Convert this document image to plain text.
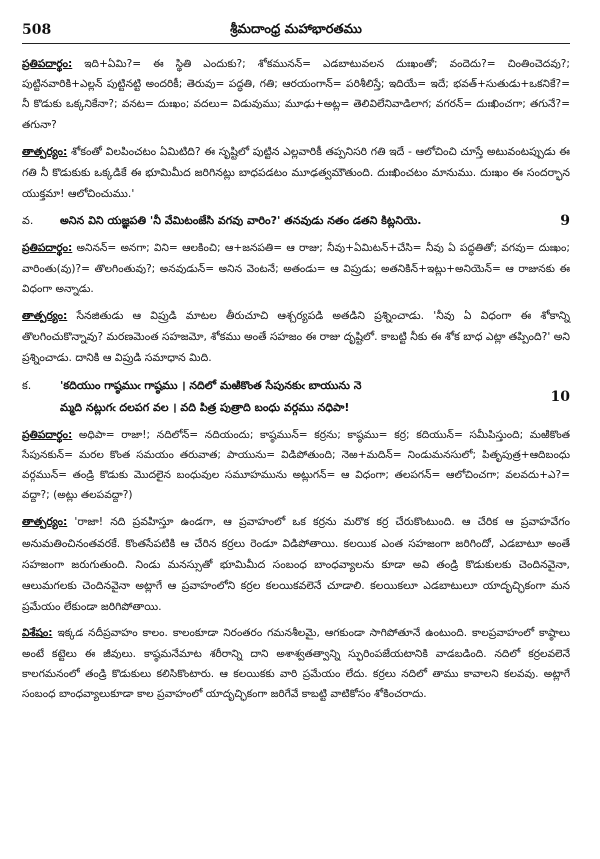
508	శ్రీమదాంధ్ర మహాభారతము
ప్రతిపదార్థం: ఇది+ఏమి?= ఈ స్థితి ఎందుకు?; శోకమునన్= ఎడబాటువలన దుఃఖంతో; వందెదు?= చింతించెదవు?; పుట్టినవారికి+ఎల్లన్ పుట్టినట్టి అందరికీ; తెరువు= పద్ధతి, గతి; ఆరయంగాన్= పరిశీలిస్తే; ఇదియే= ఇదే; భవత్+సుతుడు+ఒకనికే?= నీ కొడుకు ఒక్కనికేనా?; వనట= దుఃఖం; వదలు= విడువుము; మూఢు+అట్ల= తెలివిలేనివాడిలాగ; వగరన్= దుఃఖించగా; తగునే?= తగునా?
తాత్పర్యం: శోకంతో విలపించటం ఏమిటిది? ఈ సృష్టిలో పుట్టిన ఎల్లవారికీ తప్పనిసరి గతి ఇదే - ఆలోచించి చూస్తే అటువంటప్పుడు ఈ గతి నీ కొడుకుకు ఒక్కడికే ఈ భూమిమీద జరిగినట్లు బాధపడటం మూఢత్వమౌతుంది. దుఃఖించటం మానుము. దుఃఖం ఈ సందర్భాన యుక్తమా! ఆలోచించుము.'
వ. అనిన విని యజ్ఞపతి 'నీ వేమిటంజేసి వగవు వారిం?' తనవుడు నతం డతని కిట్లనియె.	9
ప్రతిపదార్థం: అనినన్= అనగా; విని= ఆలకించి; ఆ+జనపతి= ఆ రాజు; నీవు+ఏమిటన్+చేసి= నీవు ఏ పద్ధతితో; వగవు= దుఃఖం; వారింతు(వు)?= తొలగింతువు?; అనవుడున్= అనిన వెంటనే; అతండు= ఆ విప్రుడు; అతనికిన్+ఇట్లు+అనియెన్= ఆ రాజునకు ఈ విధంగా అన్నాడు.
తాత్పర్యం: సేనజితుడు ఆ విప్రుడి మాటల తీరుచూచి ఆశ్చర్యపడి అతడిని ప్రశ్నించాడు. 'నీవు ఏ విధంగా ఈ శోకాన్ని తొలగించుకొన్నావు? మరణమెంత సహజమో, శోకము అంతే సహజం ఈ రాజు దృష్టిలో. కాబట్టి నీకు ఈ శోక బాధ ఎట్లా తప్పింది?' అని ప్రశ్నించాడు. దానికి ఆ విప్రుడి సమాధాన మిది.
క.	'కదియుం గాష్ఠముఁ గాష్ఠము । నదిలో మఱికొంత సేపునకుఁ బాయును నె
మ్మది నట్లుగఁ దలపగ వల । వది పిత్ర పుత్రాది బంధు వర్గము నధిపా!
10
ప్రతిపదార్థం: అధిపా= రాజా!; నదిలోన్= నదియందు; కాష్ఠమున్= కర్రను; కాష్ఠము= కర్ర; కదియున్= సమీపిస్తుంది; మఱికొంత సేపునకున్= మరల కొంత సమయం తరువాత; పాయును= విడిపోతుంది; నెఱ+మదిన్= నిండుమనసులో; పితృపుత్ర+ఆదిబంధు వర్గమున్= తండ్రి కొడుకు మొదలైన బంధువుల సమూహమును అట్లుగన్= ఆ విధంగా; తలపగన్= ఆలోచించగా; వలవదు+ఎ?= వద్దా?; (అట్లు తలపవద్దా?)
తాత్పర్యం: 'రాజా! నది ప్రవహిస్తూ ఉండగా, ఆ ప్రవాహంలో ఒక కర్రను మరొక కర్ర చేరుకొంటుంది. ఆ చేరిక ఆ ప్రవాహవేగం అనుమతించినంతవరకే. కొంతసేపటికి ఆ చేరిన కర్రలు రెండూ విడిపోతాయి. కలయిక ఎంత సహజంగా జరిగిందో, ఎడబాటూ అంతే సహజంగా జరుగుతుంది. నిండు మనస్సుతో భూమిమీద సంబంధ బాంధవ్యాలను కూడా అవి తండ్రి కొడుకులకు చెందినవైనా, ఆలుమగలకు చెందినవైనా అట్లాగే ఆ ప్రవాహంలోని కర్రల కలయికవలెనే చూడాలి. కలయికలూ ఎడబాటులూ యాదృచ్ఛికంగా మన ప్రమేయం లేకుండా జరిగిపోతాయి.
విశేషం: ఇక్కడ నదీప్రవాహం కాలం. కాలంకూడా నిరంతరం గమనశీలమై, ఆగకుండా సాగిపోతూనే ఉంటుంది. కాలప్రవాహంలో కాష్ఠాలు అంటే కట్టెలు ఈ జీవులు. కాష్ఠమనేమాట శరీరాన్ని దాని అశాశ్వతత్వాన్ని స్ఫురింపజేయటానికి వాడబడింది. నదిలో కర్రలవలెనే కాలగమనంలో తండ్రి కొడుకులు కలిసికొంటారు. ఆ కలయికకు వారి ప్రమేయం లేదు. కర్రలు నదిలో తాము కావాలని కలవవు. అట్లాగే సంబంధ బాంధవ్యాలుకూడా కాల ప్రవాహంలో యాదృచ్ఛికంగా జరిగేవే కాబట్టి వాటికోసం శోకించరాదు.
